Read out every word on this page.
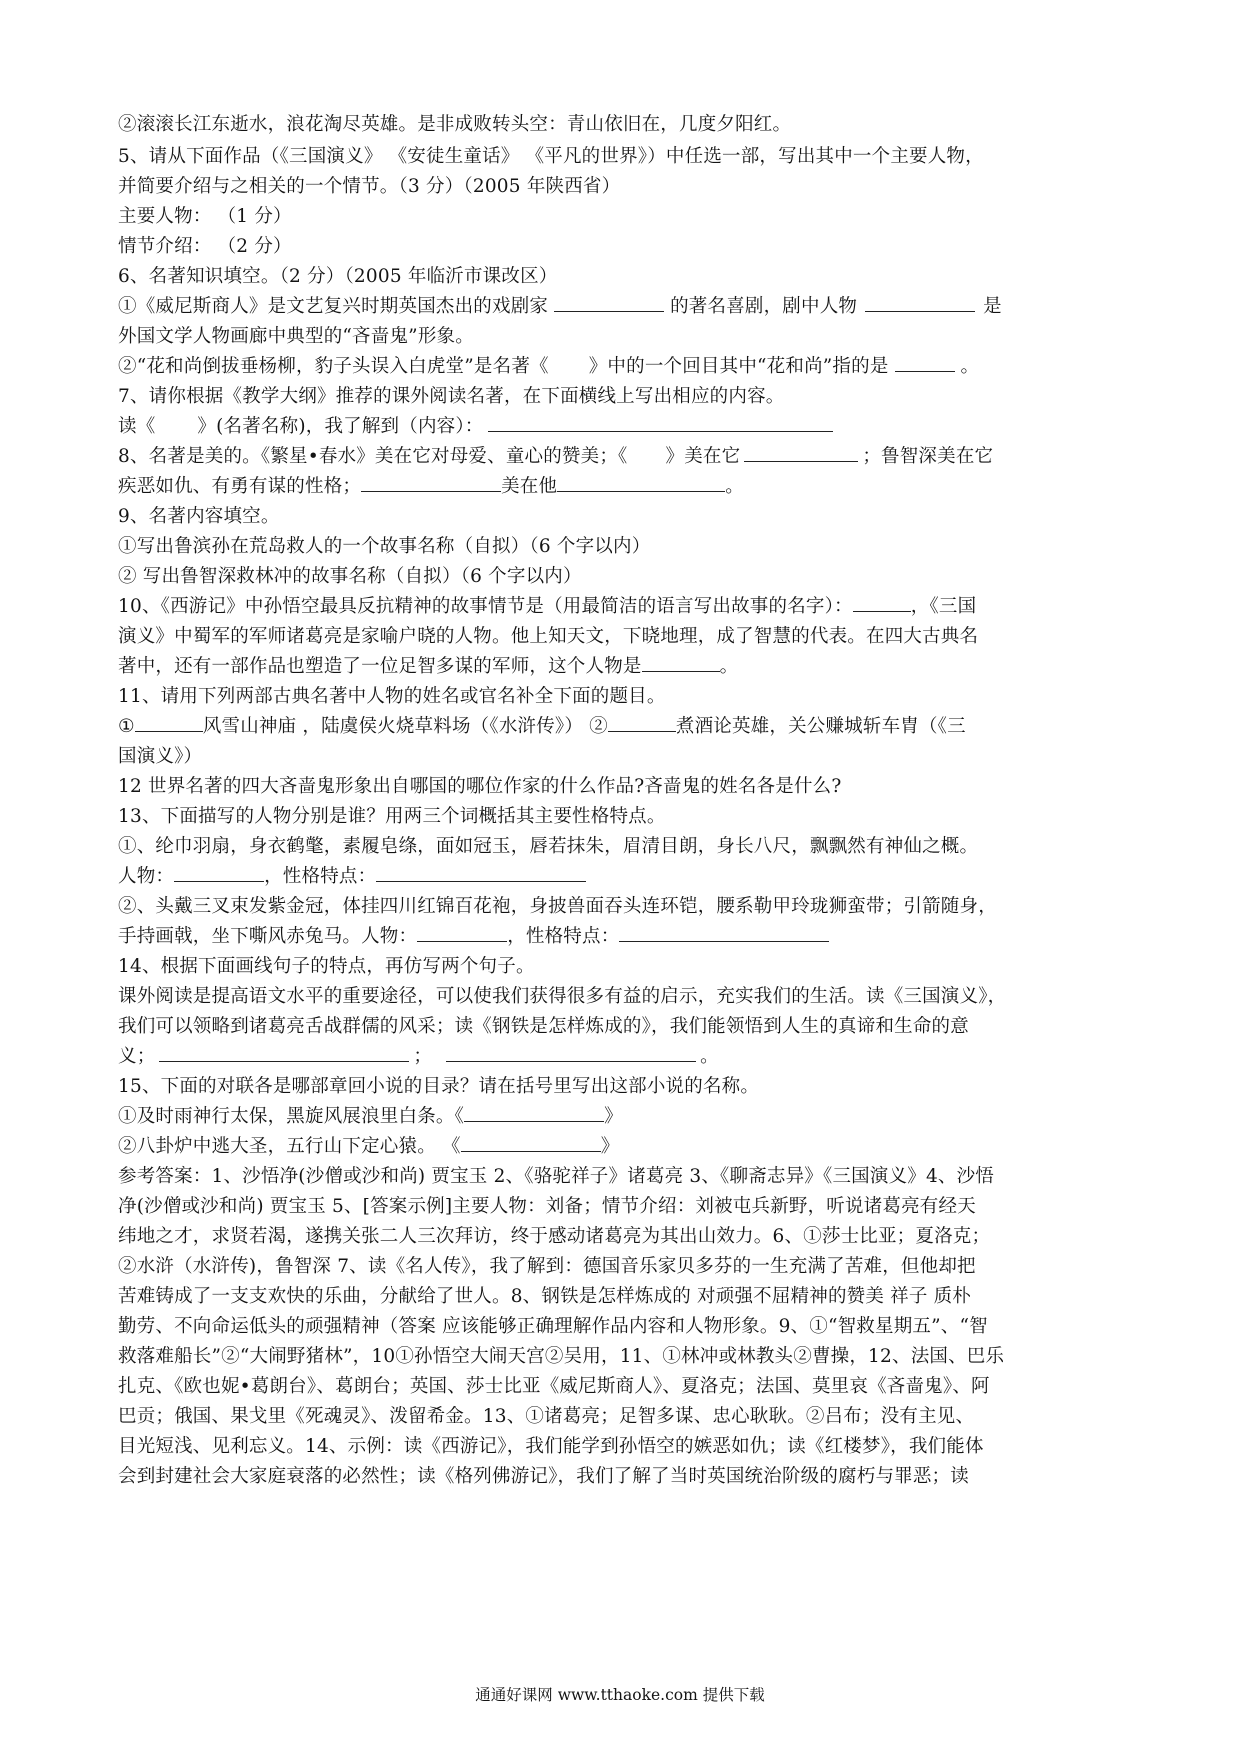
②滚滚长江东逝水，浪花淘尽英雄。是非成败转头空：青山依旧在，几度夕阳红。
5、请从下面作品（《三国演义》 《安徒生童话》 《平凡的世界》）中任选一部，写出其中一个主要人物，
并简要介绍与之相关的一个情节。（3 分）（2005 年陕西省）
主要人物： （1 分）
情节介绍： （2 分）
6、名著知识填空。（2 分）（2005 年临沂市课改区）
①《威尼斯商人》是文艺复兴时期英国杰出的戏剧家	的著名喜剧，剧中人物	是
外国文学人物画廊中典型的“吝啬鬼”形象。
②“花和尚倒拔垂杨柳，豹子头误入白虎堂”是名著《 》中的一个回目其中“花和尚”指的是	。
7、请你根据《教学大纲》推荐的课外阅读名著，在下面横线上写出相应的内容。
读《 》(名著名称)，我了解到（内容）：
8、名著是美的。《繁星•春水》美在它对母爱、童心的赞美；《 》美在它	；鲁智深美在它
疾恶如仇、有勇有谋的性格；	美在他	。
9、名著内容填空。
①写出鲁滨孙在荒岛救人的一个故事名称（自拟）（6 个字以内）
② 写出鲁智深救林冲的故事名称（自拟）（6 个字以内）
10、《西游记》中孙悟空最具反抗精神的故事情节是（用最简洁的语言写出故事的名字）：	，《三国
演义》中蜀军的军师诸葛亮是家喻户晓的人物。他上知天文，下晓地理，成了智慧的代表。在四大古典名
著中，还有一部作品也塑造了一位足智多谋的军师，这个人物是	。
11、请用下列两部古典名著中人物的姓名或官名补全下面的题目。
①	风雪山神庙 ，陆虞侯火烧草料场（《水浒传》） ②	煮酒论英雄，关公赚城斩车胄（《三
国演义》）
12 世界名著的四大吝啬鬼形象出自哪国的哪位作家的什么作品?吝啬鬼的姓名各是什么?
13、下面描写的人物分别是谁？用两三个词概括其主要性格特点。
①、纶巾羽扇，身衣鹤氅，素履皂绦，面如冠玉，唇若抹朱，眉清目朗，身长八尺，飘飘然有神仙之概。
人物：	，性格特点：
②、头戴三叉束发紫金冠，体挂四川红锦百花袍，身披兽面吞头连环铠，腰系勒甲玲珑狮蛮带；引箭随身，
手持画戟，坐下嘶风赤兔马。人物：	，性格特点：
14、根据下面画线句子的特点，再仿写两个句子。
课外阅读是提高语文水平的重要途径，可以使我们获得很多有益的启示，充实我们的生活。读《三国演义》，
我们可以领略到诸葛亮舌战群儒的风采；读《钢铁是怎样炼成的》，我们能领悟到人生的真谛和生命的意
义；	；	。
15、下面的对联各是哪部章回小说的目录？请在括号里写出这部小说的名称。
①及时雨神行太保，黑旋风展浪里白条。《	》
②八卦炉中逃大圣，五行山下定心猿。 《	》
参考答案：1、沙悟净(沙僧或沙和尚) 贾宝玉 2、《骆驼祥子》诸葛亮 3、《聊斋志异》《三国演义》4、沙悟
净(沙僧或沙和尚) 贾宝玉 5、[答案示例]主要人物：刘备；情节介绍：刘被屯兵新野，听说诸葛亮有经天
纬地之才，求贤若渴，遂携关张二人三次拜访，终于感动诸葛亮为其出山效力。6、①莎士比亚；夏洛克；
②水浒（水浒传)，鲁智深 7、读《名人传》，我了解到：德国音乐家贝多芬的一生充满了苦难，但他却把
苦难铸成了一支支欢快的乐曲，分献给了世人。8、钢铁是怎样炼成的 对顽强不屈精神的赞美 祥子 质朴
勤劳、不向命运低头的顽强精神（答案 应该能够正确理解作品内容和人物形象。9、①“智救星期五”、“智
救落难船长”②“大闹野猪林”，10①孙悟空大闹天宫②吴用，11、①林冲或林教头②曹操，12、法国、巴乐
扎克、《欧也妮•葛朗台》、葛朗台；英国、莎士比亚《威尼斯商人》、夏洛克；法国、莫里哀《吝啬鬼》、阿
巴贡；俄国、果戈里《死魂灵》、泼留希金。13、①诸葛亮；足智多谋、忠心耿耿。②吕布；没有主见、
目光短浅、见利忘义。14、示例：读《西游记》，我们能学到孙悟空的嫉恶如仇；读《红楼梦》，我们能体
会到封建社会大家庭衰落的必然性；读《格列佛游记》，我们了解了当时英国统治阶级的腐朽与罪恶；读
通通好课网 www.tthaoke.com 提供下载
